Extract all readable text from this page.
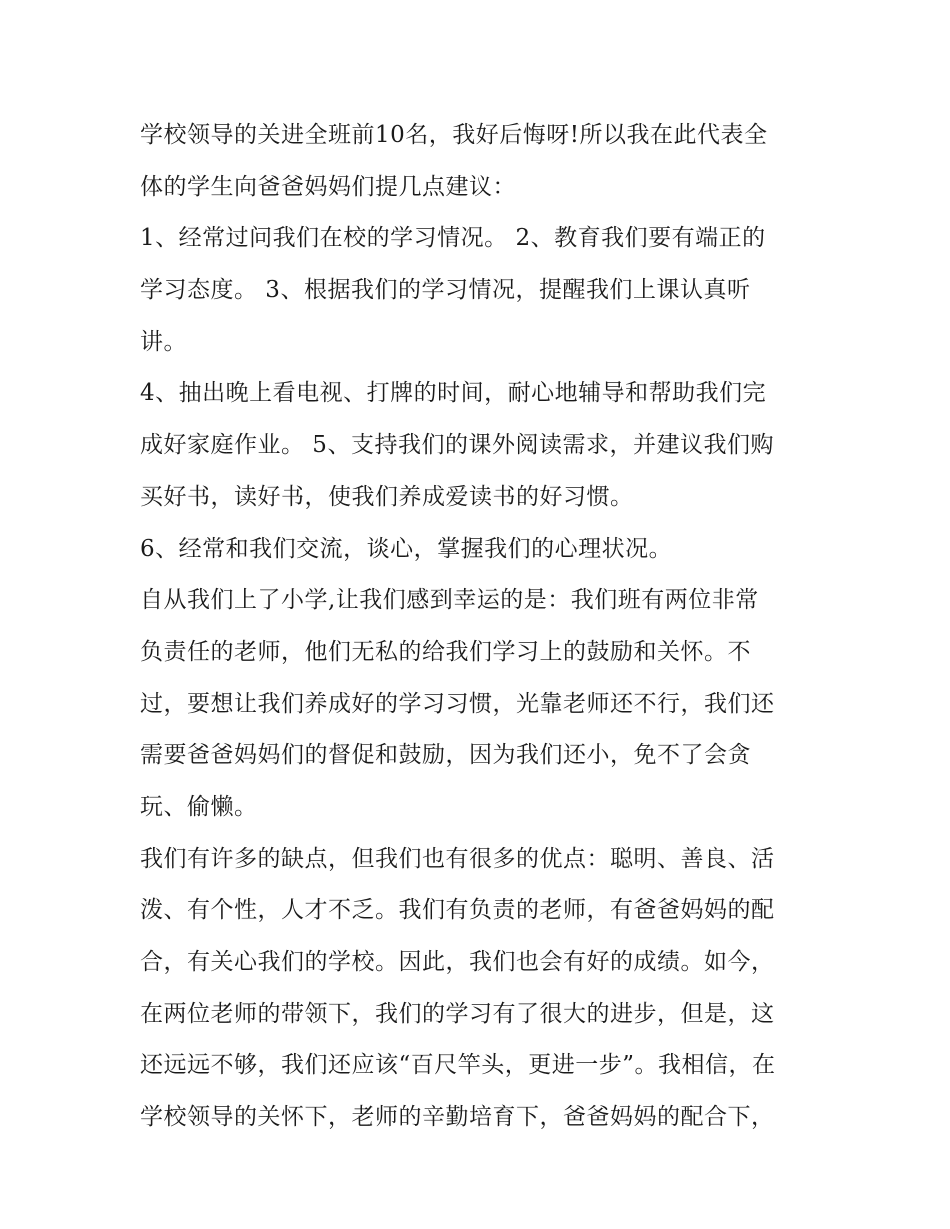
学校领导的关进全班前10名，我好后悔呀!所以我在此代表全
体的学生向爸爸妈妈们提几点建议：
1、经常过问我们在校的学习情况。 2、教育我们要有端正的
学习态度。 3、根据我们的学习情况，提醒我们上课认真听
讲。
4、抽出晚上看电视、打牌的时间，耐心地辅导和帮助我们完
成好家庭作业。 5、支持我们的课外阅读需求，并建议我们购
买好书，读好书，使我们养成爱读书的好习惯。
6、经常和我们交流，谈心，掌握我们的心理状况。
自从我们上了小学,让我们感到幸运的是：我们班有两位非常
负责任的老师，他们无私的给我们学习上的鼓励和关怀。不
过，要想让我们养成好的学习习惯，光靠老师还不行，我们还
需要爸爸妈妈们的督促和鼓励，因为我们还小，免不了会贪
玩、偷懒。
我们有许多的缺点，但我们也有很多的优点：聪明、善良、活
泼、有个性，人才不乏。我们有负责的老师，有爸爸妈妈的配
合，有关心我们的学校。因此，我们也会有好的成绩。如今，
在两位老师的带领下，我们的学习有了很大的进步，但是，这
还远远不够，我们还应该“百尺竿头，更进一步”。我相信，在
学校领导的关怀下，老师的辛勤培育下，爸爸妈妈的配合下，
